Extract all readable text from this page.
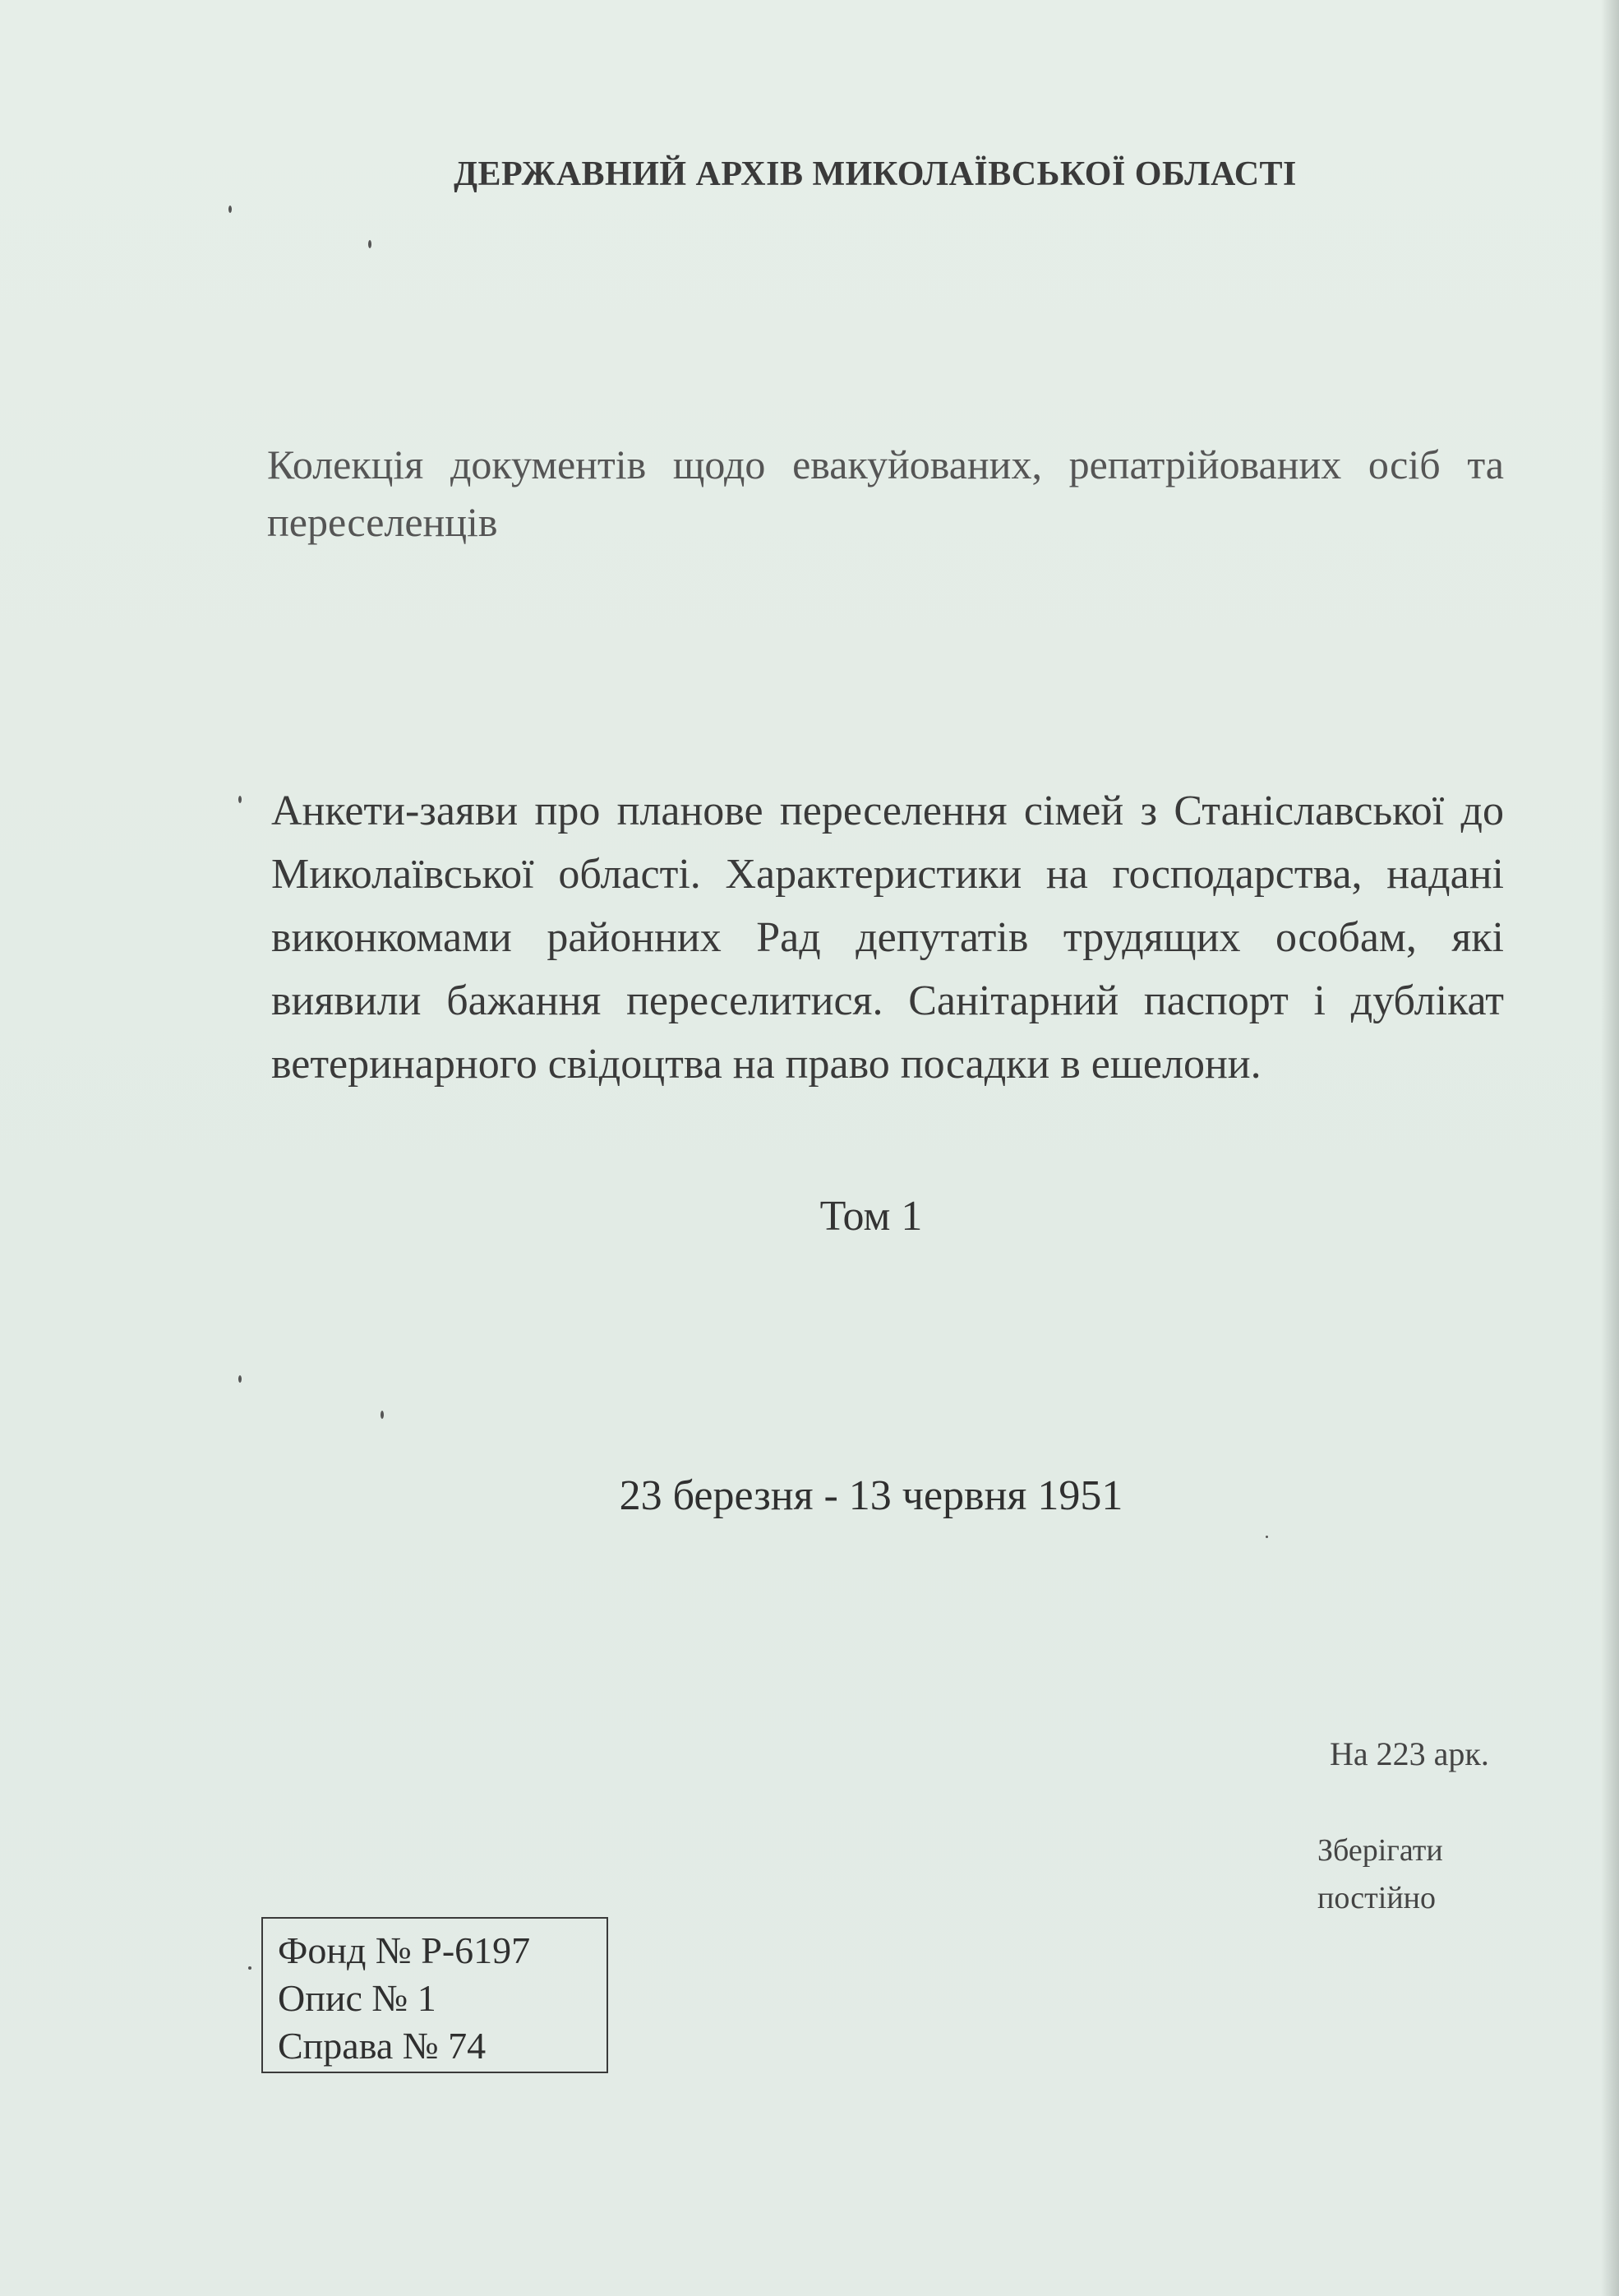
ДЕРЖАВНИЙ АРХІВ МИКОЛАЇВСЬКОЇ ОБЛАСТІ
Колекція документів щодо евакуйованих, репатрійованих осіб та переселенців
Анкети-заяви про планове переселення сімей з Станіславської до Миколаївської області. Характеристики на господарства, надані виконкомами районних Рад депутатів трудящих особам, які виявили бажання переселитися. Санітарний паспорт і дублікат ветеринарного свідоцтва на право посадки в ешелони.
Том 1
23 березня - 13 червня 1951
На 223 арк.
Зберігати
постійно
Фонд № Р-6197
Опис № 1
Справа № 74
